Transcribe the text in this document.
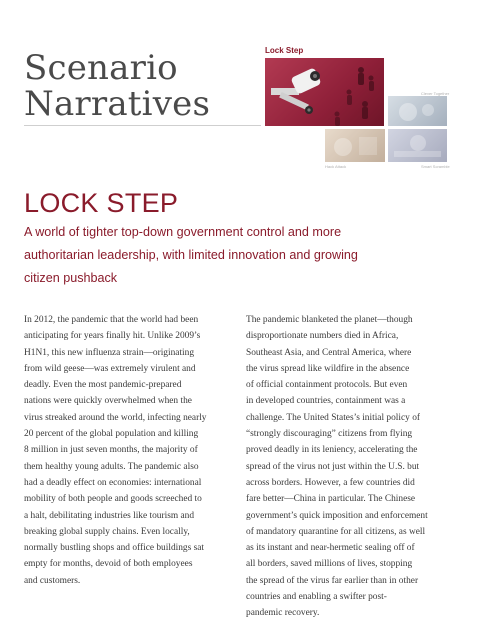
Scenario
Narratives
Lock Step
Clever Together
Hack Attack	Smart Scramble
LOCK STEP
A world of tighter top-down government control and more
authoritarian leadership, with limited innovation and growing
citizen pushback
In 2012, the pandemic that the world had been
anticipating for years finally hit. Unlike 2009’s
H1N1, this new influenza strain—originating
from wild geese—was extremely virulent and
deadly. Even the most pandemic-prepared
nations were quickly overwhelmed when the
virus streaked around the world, infecting nearly
20 percent of the global population and killing
8 million in just seven months, the majority of
them healthy young adults. The pandemic also
had a deadly effect on economies: international
mobility of both people and goods screeched to
a halt, debilitating industries like tourism and
breaking global supply chains. Even locally,
normally bustling shops and office buildings sat
empty for months, devoid of both employees
and customers.
The pandemic blanketed the planet—though
disproportionate numbers died in Africa,
Southeast Asia, and Central America, where
the virus spread like wildfire in the absence
of official containment protocols. But even
in developed countries, containment was a
challenge. The United States’s initial policy of
“strongly discouraging” citizens from flying
proved deadly in its leniency, accelerating the
spread of the virus not just within the U.S. but
across borders. However, a few countries did
fare better—China in particular. The Chinese
government’s quick imposition and enforcement
of mandatory quarantine for all citizens, as well
as its instant and near-hermetic sealing off of
all borders, saved millions of lives, stopping
the spread of the virus far earlier than in other
countries and enabling a swifter post-
pandemic recovery.
